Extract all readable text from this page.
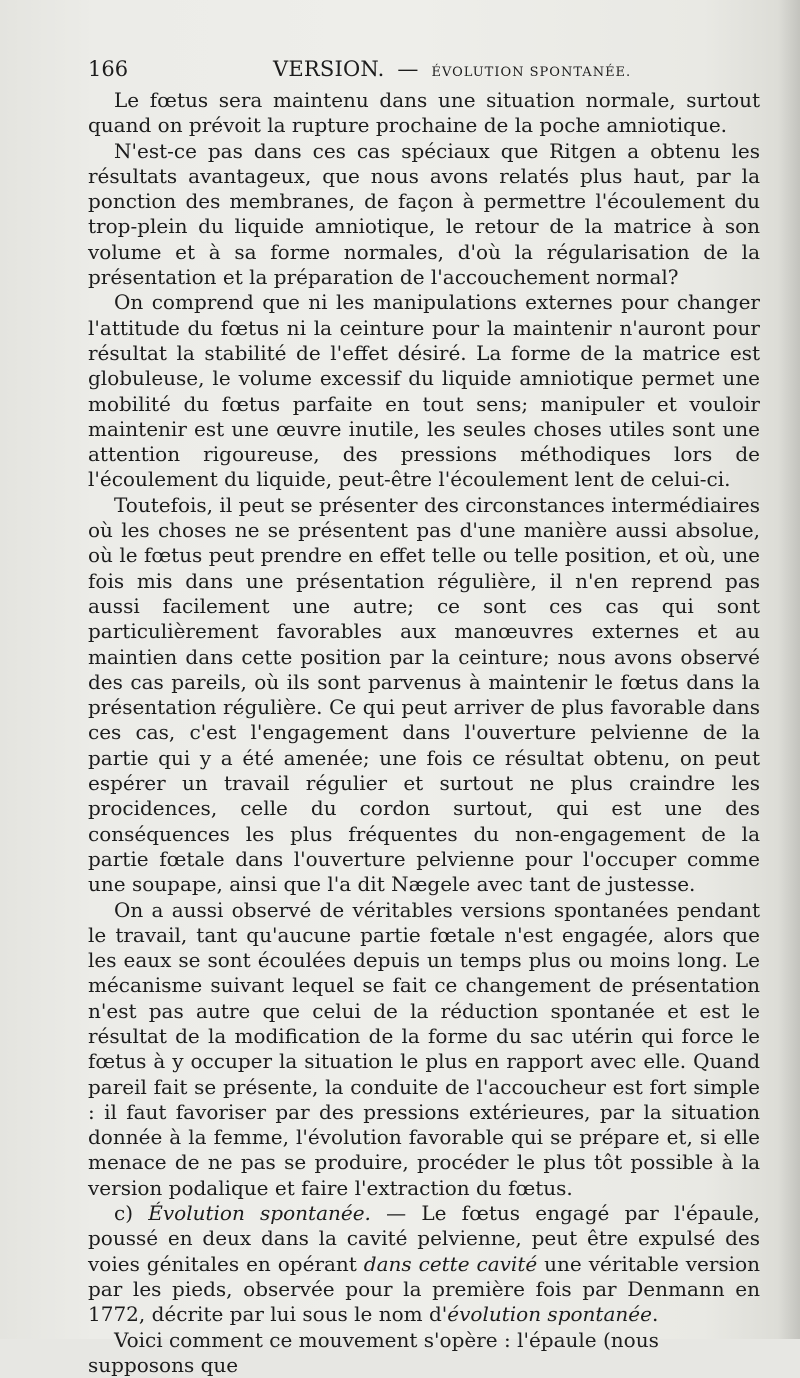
166	VERSION. — ÉVOLUTION SPONTANÉE.

Le fœtus sera maintenu dans une situation normale, surtout quand on prévoit la rupture prochaine de la poche amniotique.

N'est-ce pas dans ces cas spéciaux que Ritgen a obtenu les résultats avantageux, que nous avons relatés plus haut, par la ponction des membranes, de façon à permettre l'écoulement du trop-plein du liquide amniotique, le retour de la matrice à son volume et à sa forme normales, d'où la régularisation de la présentation et la préparation de l'accouchement normal?

On comprend que ni les manipulations externes pour changer l'attitude du fœtus ni la ceinture pour la maintenir n'auront pour résultat la stabilité de l'effet désiré. La forme de la matrice est globuleuse, le volume excessif du liquide amniotique permet une mobilité du fœtus parfaite en tout sens; manipuler et vouloir maintenir est une œuvre inutile, les seules choses utiles sont une attention rigoureuse, des pressions méthodiques lors de l'écoulement du liquide, peut-être l'écoulement lent de celui-ci.

Toutefois, il peut se présenter des circonstances intermédiaires où les choses ne se présentent pas d'une manière aussi absolue, où le fœtus peut prendre en effet telle ou telle position, et où, une fois mis dans une présentation régulière, il n'en reprend pas aussi facilement une autre; ce sont ces cas qui sont particulièrement favorables aux manœuvres externes et au maintien dans cette position par la ceinture; nous avons observé des cas pareils, où ils sont parvenus à maintenir le fœtus dans la présentation régulière. Ce qui peut arriver de plus favorable dans ces cas, c'est l'engagement dans l'ouverture pelvienne de la partie qui y a été amenée; une fois ce résultat obtenu, on peut espérer un travail régulier et surtout ne plus craindre les procidences, celle du cordon surtout, qui est une des conséquences les plus fréquentes du non-engagement de la partie fœtale dans l'ouverture pelvienne pour l'occuper comme une soupape, ainsi que l'a dit Nægele avec tant de justesse.

On a aussi observé de véritables versions spontanées pendant le travail, tant qu'aucune partie fœtale n'est engagée, alors que les eaux se sont écoulées depuis un temps plus ou moins long. Le mécanisme suivant lequel se fait ce changement de présentation n'est pas autre que celui de la réduction spontanée et est le résultat de la modification de la forme du sac utérin qui force le fœtus à y occuper la situation le plus en rapport avec elle. Quand pareil fait se présente, la conduite de l'accoucheur est fort simple : il faut favoriser par des pressions extérieures, par la situation donnée à la femme, l'évolution favorable qui se prépare et, si elle menace de ne pas se produire, procéder le plus tôt possible à la version podalique et faire l'extraction du fœtus.

c) Évolution spontanée. — Le fœtus engagé par l'épaule, poussé en deux dans la cavité pelvienne, peut être expulsé des voies génitales en opérant dans cette cavité une véritable version par les pieds, observée pour la première fois par Denmann en 1772, décrite par lui sous le nom d'évolution spontanée.

Voici comment ce mouvement s'opère : l'épaule (nous supposons que
